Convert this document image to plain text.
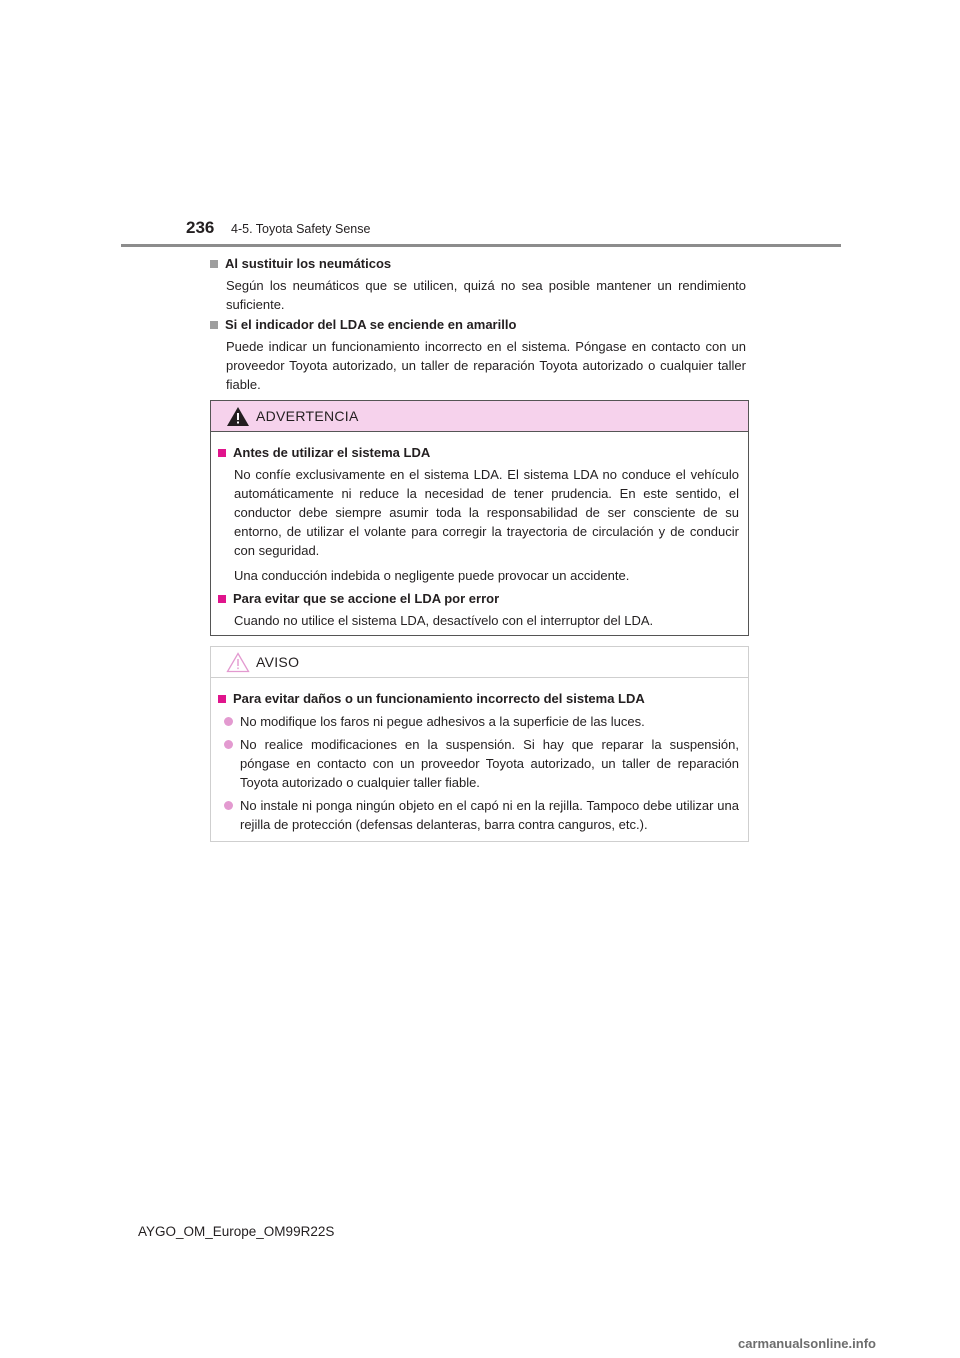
236 4-5. Toyota Safety Sense
Al sustituir los neumáticos
Según los neumáticos que se utilicen, quizá no sea posible mantener un rendimiento suficiente.
Si el indicador del LDA se enciende en amarillo
Puede indicar un funcionamiento incorrecto en el sistema. Póngase en contacto con un proveedor Toyota autorizado, un taller de reparación Toyota autorizado o cualquier taller fiable.
ADVERTENCIA
Antes de utilizar el sistema LDA
No confíe exclusivamente en el sistema LDA. El sistema LDA no conduce el vehículo automáticamente ni reduce la necesidad de tener prudencia. En este sentido, el conductor debe siempre asumir toda la responsabilidad de ser consciente de su entorno, de utilizar el volante para corregir la trayectoria de circulación y de conducir con seguridad.
Una conducción indebida o negligente puede provocar un accidente.
Para evitar que se accione el LDA por error
Cuando no utilice el sistema LDA, desactívelo con el interruptor del LDA.
AVISO
Para evitar daños o un funcionamiento incorrecto del sistema LDA
No modifique los faros ni pegue adhesivos a la superficie de las luces.
No realice modificaciones en la suspensión. Si hay que reparar la suspensión, póngase en contacto con un proveedor Toyota autorizado, un taller de reparación Toyota autorizado o cualquier taller fiable.
No instale ni ponga ningún objeto en el capó ni en la rejilla. Tampoco debe utilizar una rejilla de protección (defensas delanteras, barra contra canguros, etc.).
AYGO_OM_Europe_OM99R22S
carmanualsonline.info
